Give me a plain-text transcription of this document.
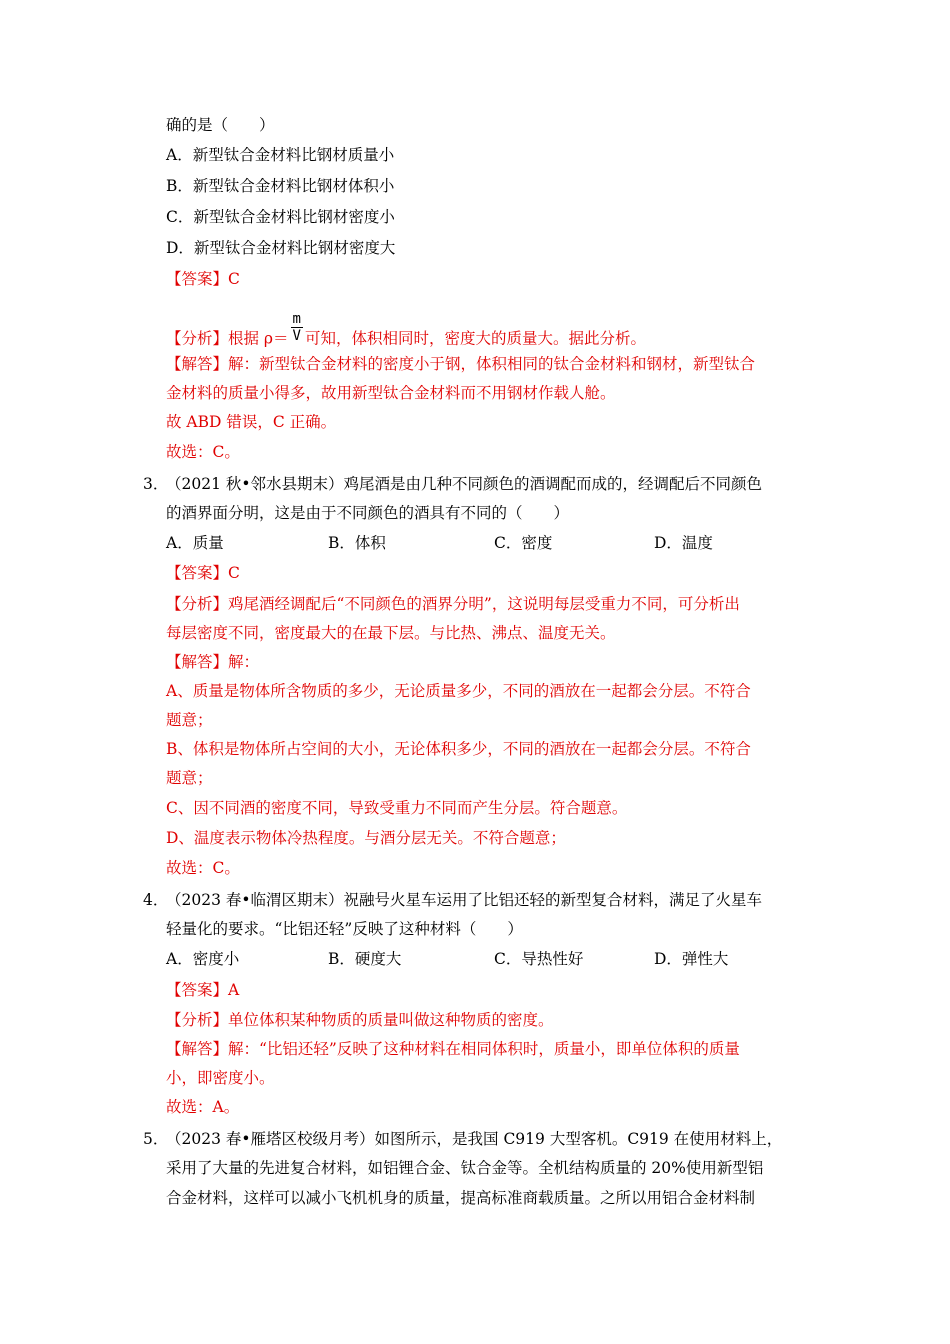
确的是（　　）
A．新型钛合金材料比钢材质量小
B．新型钛合金材料比钢材体积小
C．新型钛合金材料比钢材密度小
D．新型钛合金材料比钢材密度大
【答案】C
【分析】根据 $\rho= \frac{m}{V}$ 可知，体积相同时，密度大的质量大。据此分析。
【解答】解：新型钛合金材料的密度小于钢，体积相同的钛合金材料和钢材，新型钛合
金材料的质量小得多，故用新型钛合金材料而不用钢材作载人舱。
故 ABD 错误，C 正确。
故选：C。
3．
（2021 秋•邻水县期末）鸡尾酒是由几种不同颜色的酒调配而成的，经调配后不同颜色
的酒界面分明，这是由于不同颜色的酒具有不同的（　　）
A．质量	B．体积	C．密度	D．温度
【答案】C
【分析】鸡尾酒经调配后“不同颜色的酒界分明”，这说明每层受重力不同，可分析出
每层密度不同，密度最大的在最下层。与比热、沸点、温度无关。
【解答】解：
A、质量是物体所含物质的多少，无论质量多少，不同的酒放在一起都会分层。不符合
题意；
B、体积是物体所占空间的大小，无论体积多少，不同的酒放在一起都会分层。不符合
题意；
C、因不同酒的密度不同，导致受重力不同而产生分层。符合题意。
D、温度表示物体冷热程度。与酒分层无关。不符合题意；
故选：C。
4．
（2023 春•临渭区期末）祝融号火星车运用了比铝还轻的新型复合材料，满足了火星车
轻量化的要求。“比铝还轻”反映了这种材料（　　）
A．密度小	B．硬度大	C．导热性好	D．弹性大
【答案】A
【分析】单位体积某种物质的质量叫做这种物质的密度。
【解答】解：“比铝还轻”反映了这种材料在相同体积时，质量小，即单位体积的质量
小，即密度小。
故选：A。
5．
（2023 春•雁塔区校级月考）如图所示，是我国 C919 大型客机。C919 在使用材料上，
采用了大量的先进复合材料，如铝锂合金、钛合金等。全机结构质量的 20%使用新型铝
合金材料，这样可以减小飞机机身的质量，提高标准商载质量。之所以用铝合金材料制
